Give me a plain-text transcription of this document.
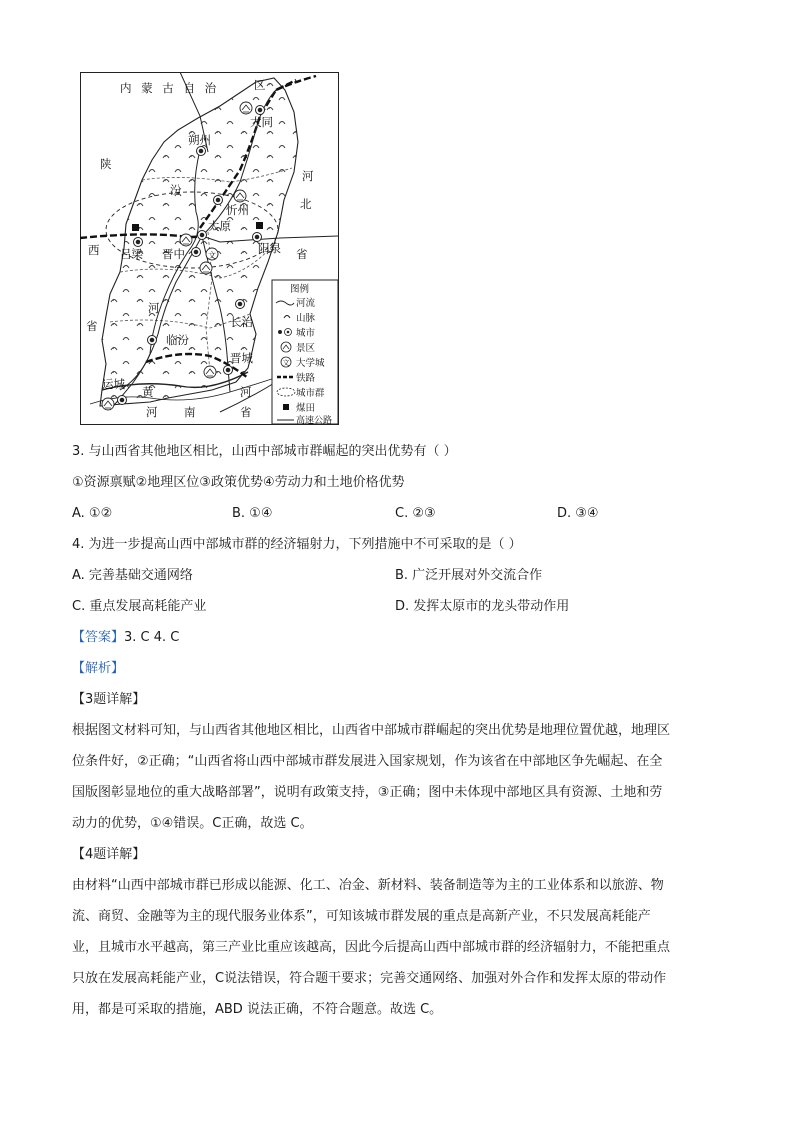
文
内 蒙 古 自 治	区
大同
朔州
陕
汾
忻州
河
北
太原
西 吕梁 晋中	阳泉 省
河
省
临汾
长治
晋城
运城
黄	河
河 南	省
图例
河流
山脉
城市
景区
文 大学城
铁路
城市群
煤田
高速公路
3. 与山西省其他地区相比，山西中部城市群崛起的突出优势有（ ）
①资源禀赋②地理区位③政策优势④劳动力和土地价格优势
A. ①②	B. ①④	C. ②③	D. ③④
4. 为进一步提高山西中部城市群的经济辐射力，下列措施中不可采取的是（ ）
A. 完善基础交通网络	B. 广泛开展对外交流合作
C. 重点发展高耗能产业	D. 发挥太原市的龙头带动作用
【答案】3. C 4. C
【解析】
【3题详解】
根据图文材料可知，与山西省其他地区相比，山西省中部城市群崛起的突出优势是地理位置优越，地理区
位条件好，②正确；“山西省将山西中部城市群发展进入国家规划，作为该省在中部地区争先崛起、在全
国版图彰显地位的重大战略部署”，说明有政策支持，③正确；图中未体现中部地区具有资源、土地和劳
动力的优势，①④错误。C正确，故选 C。
【4题详解】
由材料“山西中部城市群已形成以能源、化工、冶金、新材料、装备制造等为主的工业体系和以旅游、物
流、商贸、金融等为主的现代服务业体系”，可知该城市群发展的重点是高新产业，不只发展高耗能产
业，且城市水平越高，第三产业比重应该越高，因此今后提高山西中部城市群的经济辐射力，不能把重点
只放在发展高耗能产业，C说法错误，符合题干要求；完善交通网络、加强对外合作和发挥太原的带动作
用，都是可采取的措施，ABD 说法正确，不符合题意。故选 C。
